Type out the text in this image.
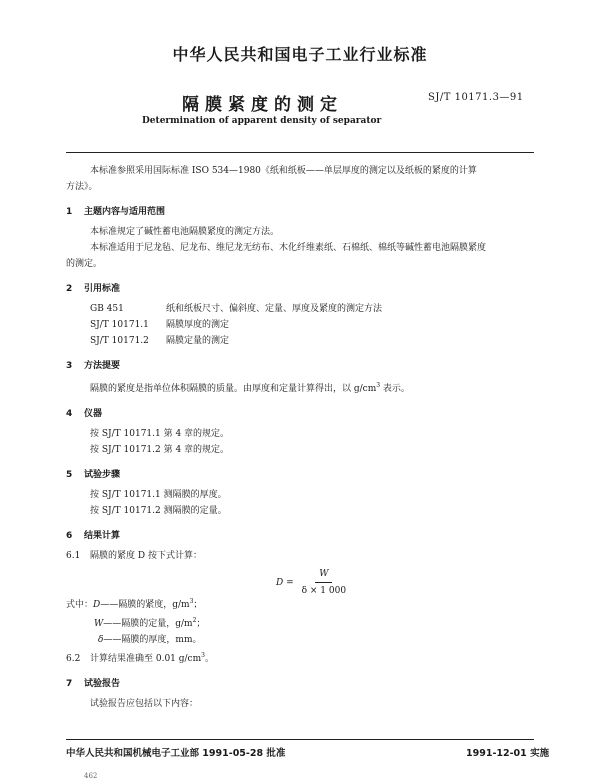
中华人民共和国电子工业行业标准
隔膜紧度的测定	SJ/T 10171.3—91
Determination of apparent density of separator

本标准参照采用国际标准 ISO 534—1980《纸和纸板——单层厚度的测定以及纸板的紧度的计算

方法》。

1 主题内容与适用范围

本标准规定了碱性蓄电池隔膜紧度的测定方法。

本标准适用于尼龙毡、尼龙布、维尼龙无纺布、木化纤维素纸、石棉纸、棉纸等碱性蓄电池隔膜紧度

的测定。

2 引用标准

GB 451	纸和纸板尺寸、偏斜度、定量、厚度及紧度的测定方法

SJ/T 10171.1 隔膜厚度的测定

SJ/T 10171.2 隔膜定量的测定

3 方法提要

隔膜的紧度是指单位体积隔膜的质量。由厚度和定量计算得出，以 $g/cm^3$ 表示。

4 仪器

按 SJ/T 10171.1 第 4 章的规定。

按 SJ/T 10171.2 第 4 章的规定。

5 试验步骤

按 SJ/T 10171.1 测隔膜的厚度。

按 SJ/T 10171.2 测隔膜的定量。

6 结果计算

6.1 隔膜的紧度 D 按下式计算：

$D = \frac{W}{\delta \times 1 000}$

式中：D——隔膜的紧度，$g/m^3$；

W——隔膜的定量，$g/m^2$；

δ——隔膜的厚度，mm。

6.2 计算结果准确至 0.01 $g/cm^3$。

7 试验报告

试验报告应包括以下内容：

中华人民共和国机械电子工业部 1991-05-28 批准	1991-12-01 实施
462
